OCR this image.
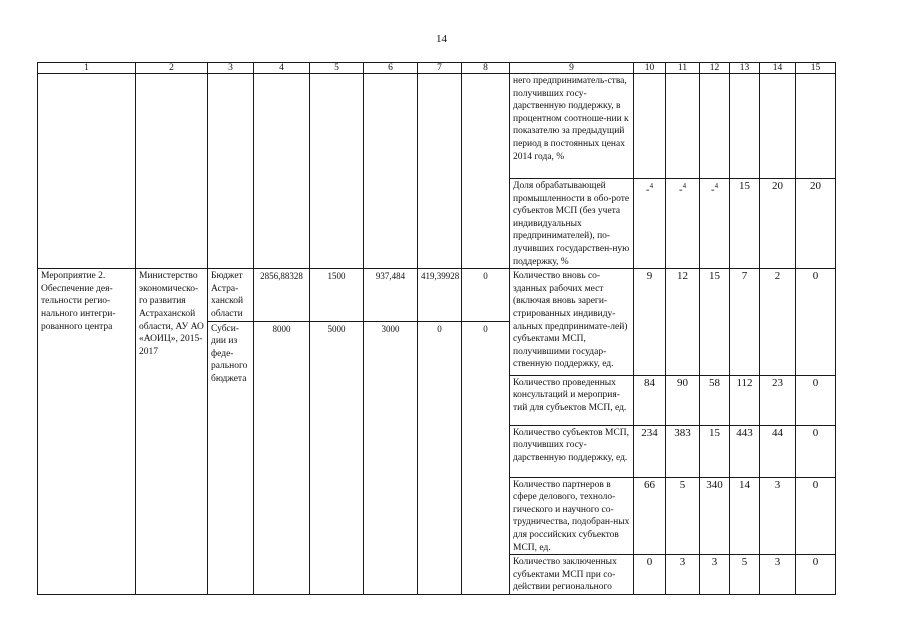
14
1	2	3	4	5	6	7	8	9	10	11	12	13	14	15
								него предприниматель-ства, получивших госу-дарственную поддержку, в процентном соотноше-нии к показателю за предыдущий период в постоянных ценах 2014 года, %						
								Доля обрабатывающей промышленности в обо-роте субъектов МСП (без учета индивидуальных предпринимателей), по-лучивших государствен-ную поддержку, %	-$^4$	-$^4$	-$^4$	15	20	20
Мероприятие 2. Обеспечение дея-тельности регио-нального интегри-рованного центра	Министерство экономическо-го развития Астраханской области, АУ АО «АОИЦ», 2015-2017	Бюджет Астра-ханской области	2856,88328	1500	937,484	419,39928	0	Количество вновь со-зданных рабочих мест (включая вновь зареги-стрированных индивиду-альных предпринимате-лей) субъектами МСП, получившими государ-ственную поддержку, ед.	9	12	15	7	2	0
		Субси-дии из феде-рального бюджета	8000	5000	3000	0	0							
								Количество проведенных консультаций и мероприя-тий для субъектов МСП, ед.	84	90	58	112	23	0
								Количество субъектов МСП, получивших госу-дарственную поддержку, ед.	234	383	15	443	44	0
								Количество партнеров в сфере делового, техноло-гического и научного со-трудничества, подобран-ных для российских субъектов МСП, ед.	66	5	340	14	3	0
								Количество заключенных субъектами МСП при со-действии регионального	0	3	3	5	3	0
